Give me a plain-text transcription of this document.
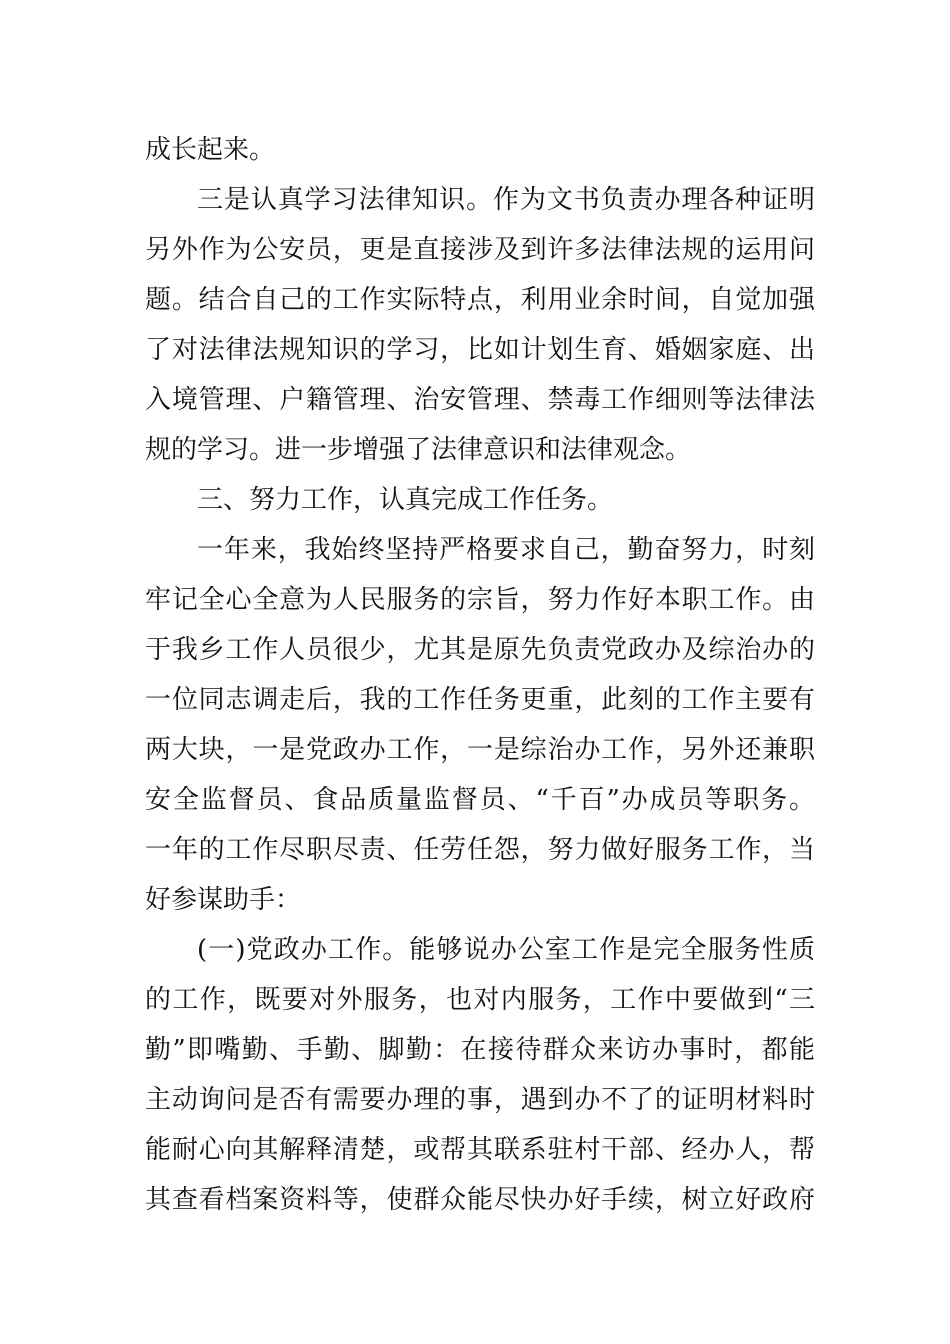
成长起来。
三是认真学习法律知识。作为文书负责办理各种证明
另外作为公安员，更是直接涉及到许多法律法规的运用问
题。结合自己的工作实际特点，利用业余时间，自觉加强
了对法律法规知识的学习，比如计划生育、婚姻家庭、出
入境管理、户籍管理、治安管理、禁毒工作细则等法律法
规的学习。进一步增强了法律意识和法律观念。
三、努力工作，认真完成工作任务。
一年来，我始终坚持严格要求自己，勤奋努力，时刻
牢记全心全意为人民服务的宗旨，努力作好本职工作。由
于我乡工作人员很少，尤其是原先负责党政办及综治办的
一位同志调走后，我的工作任务更重，此刻的工作主要有
两大块，一是党政办工作，一是综治办工作，另外还兼职
安全监督员、食品质量监督员、“千百”办成员等职务。
一年的工作尽职尽责、任劳任怨，努力做好服务工作，当
好参谋助手：
(一)党政办工作。能够说办公室工作是完全服务性质
的工作，既要对外服务，也对内服务，工作中要做到“三
勤”即嘴勤、手勤、脚勤：在接待群众来访办事时，都能
主动询问是否有需要办理的事，遇到办不了的证明材料时
能耐心向其解释清楚，或帮其联系驻村干部、经办人，帮
其查看档案资料等，使群众能尽快办好手续，树立好政府
